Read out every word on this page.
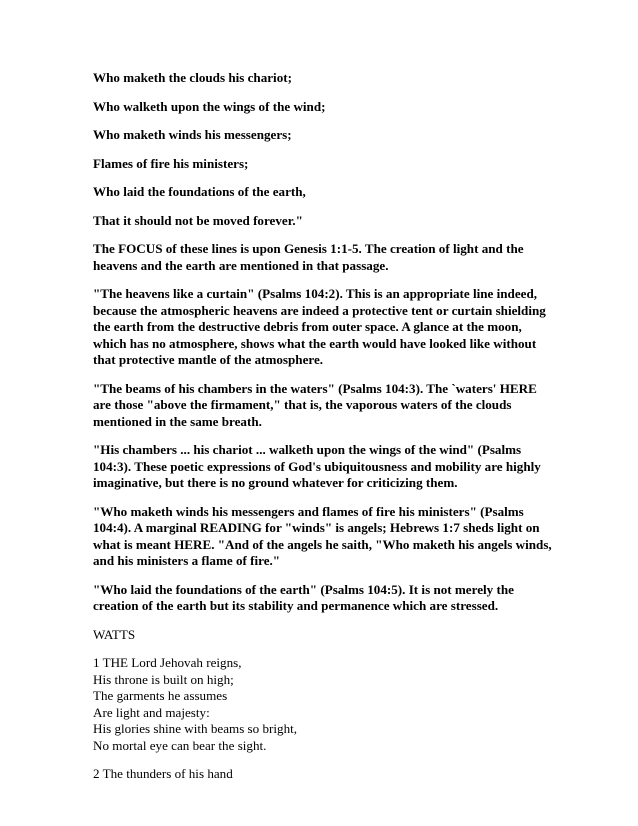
Who maketh the clouds his chariot;

Who walketh upon the wings of the wind;

Who maketh winds his messengers;

Flames of fire his ministers;

Who laid the foundations of the earth,

That it should not be moved forever."

The FOCUS of these lines is upon Genesis 1:1-5. The creation of light and the heavens and the earth are mentioned in that passage.

"The heavens like a curtain" (Psalms 104:2). This is an appropriate line indeed, because the atmospheric heavens are indeed a protective tent or curtain shielding the earth from the destructive debris from outer space. A glance at the moon, which has no atmosphere, shows what the earth would have looked like without that protective mantle of the atmosphere.

"The beams of his chambers in the waters" (Psalms 104:3). The `waters' HERE are those "above the firmament," that is, the vaporous waters of the clouds mentioned in the same breath.

"His chambers ... his chariot ... walketh upon the wings of the wind" (Psalms 104:3). These poetic expressions of God's ubiquitousness and mobility are highly imaginative, but there is no ground whatever for criticizing them.

"Who maketh winds his messengers and flames of fire his ministers" (Psalms 104:4). A marginal READING for "winds" is angels; Hebrews 1:7 sheds light on what is meant HERE. "And of the angels he saith, "Who maketh his angels winds, and his ministers a flame of fire."

"Who laid the foundations of the earth" (Psalms 104:5). It is not merely the creation of the earth but its stability and permanence which are stressed.

WATTS

1 THE Lord Jehovah reigns,
His throne is built on high;
The garments he assumes
Are light and majesty:
His glories shine with beams so bright,
No mortal eye can bear the sight.

2 The thunders of his hand
